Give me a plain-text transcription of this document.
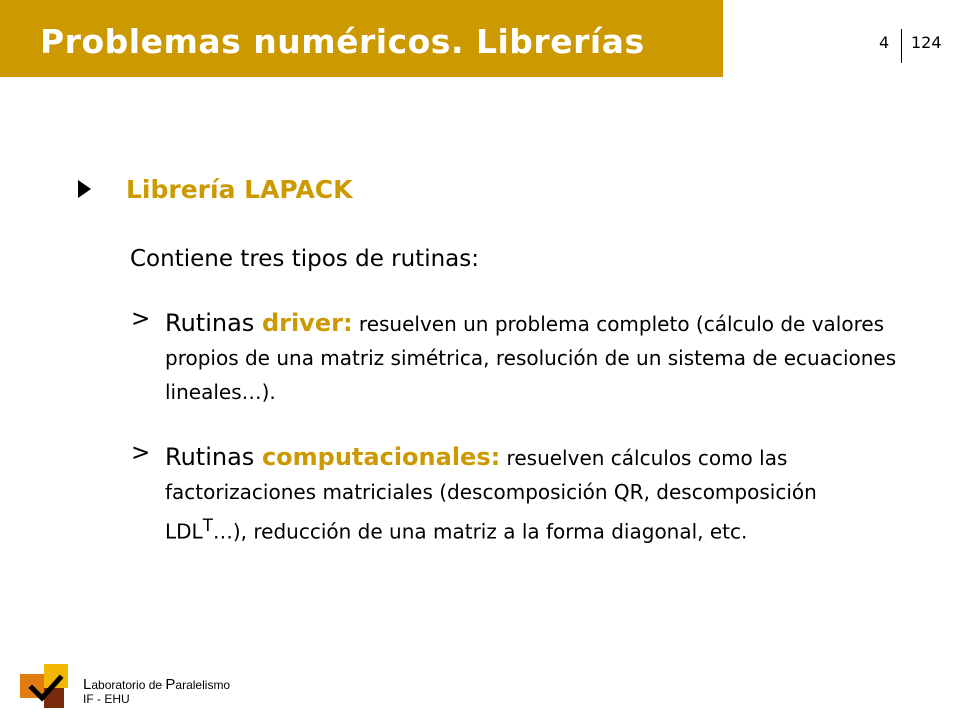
Problemas numéricos. Librerías	4 124
Librería LAPACK
Contiene tres tipos de rutinas:
> Rutinas driver: resuelven un problema completo (cálculo de valores propios de una matriz simétrica, resolución de un sistema de ecuaciones lineales…).
> Rutinas computacionales: resuelven cálculos como las factorizaciones matriciales (descomposición QR, descomposición $LDL^T\dots$), reducción de una matriz a la forma diagonal, etc.
Laboratorio de Paralelismo
IF - EHU
